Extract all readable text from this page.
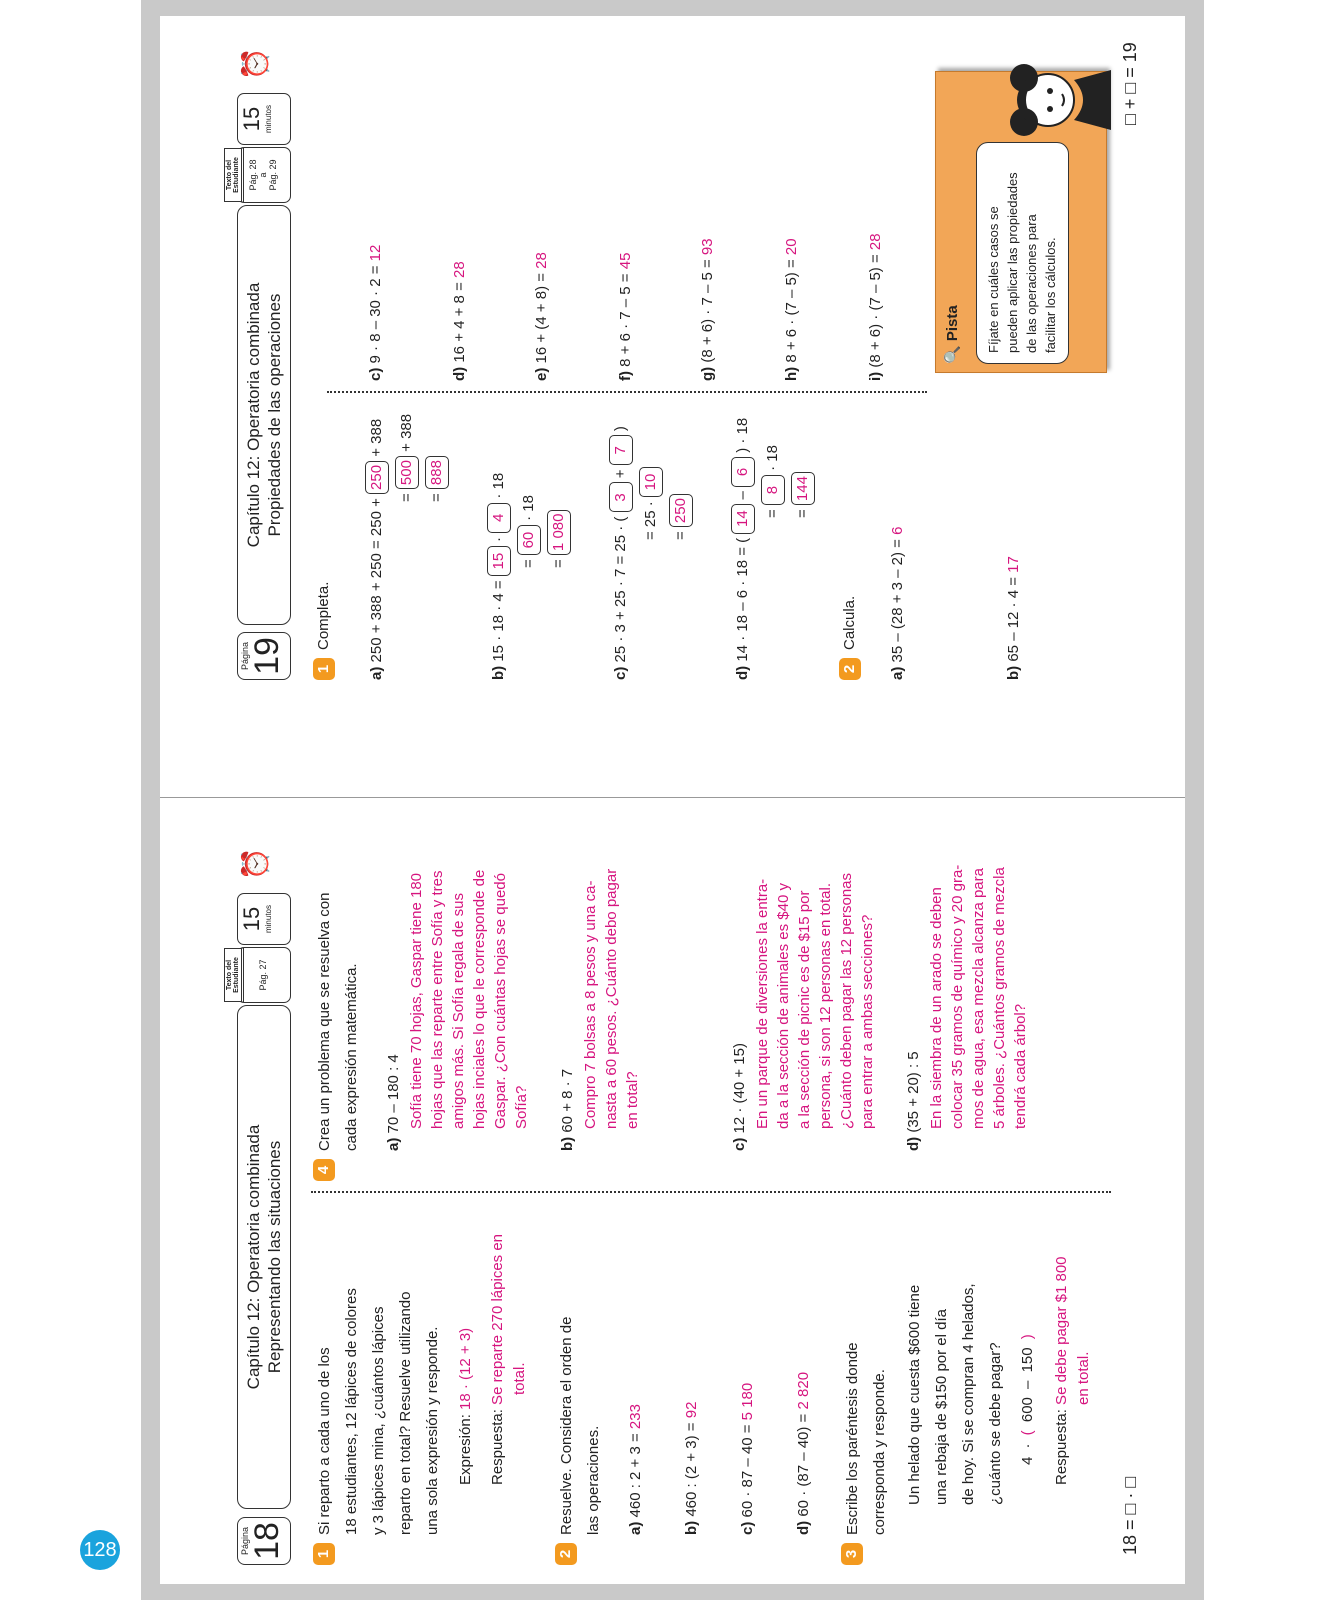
128	Página
18
Capítulo 12: Operatoria combinada Representando las situaciones
Texto del Estudiante	Pág. 27
⏰
15 minutos
1
Si reparto a cada uno de los 18 estudiantes, 12 lápices de colores y 3 lápices mina, ¿cuántos lápices reparto en total? Resuelve utilizando una sola expresión y responde.	Expresión: 18 · (12 + 3)
Respuesta: Se reparte 270 lápices en total.
2
Resuelve. Considera el orden de las operaciones.	a) 460 : 2 + 3 = 233
b) 460 : (2 + 3) = 92
c) 60 · 87 – 40 = 5 180
d) 60 · (87 – 40) = 2 820
3
Escribe los paréntesis donde corresponda y responde.	Un helado que cuesta $600 tiene una rebaja de $150 por el día de hoy. Si se compran 4 helados, ¿cuánto se debe pagar?	4 · ( 600 – 150 )
Respuesta: Se debe pagar $1 800 en total.
18 = □ · □
4
Crea un problema que se resuelva con cada expresión matemática.	a) 70 – 180 : 4 Sofía tiene 70 hojas, Gaspar tiene 180 hojas que las reparte entre Sofía y tres amigos más. Si Sofía regala de sus hojas inciales lo que le corresponde de Gaspar. ¿Con cuántas hojas se quedó Sofía?
b) 60 + 8 · 7 Compro 7 bolsas a 8 pesos y una ca- nasta a 60 pesos. ¿Cuánto debo pagar en total?
c) 12 · (40 + 15) En un parque de diversiones la entra- da a la sección de animales es $40 y a la sección de picnic es de $15 por persona, si son 12 personas en total. ¿Cuánto deben pagar las 12 personas para entrar a ambas secciones?
d) (35 + 20) : 5 En la siembra de un arado se deben colocar 35 gramos de químico y 20 gra- mos de agua, esa mezcla alcanza para 5 árboles. ¿Cuántos gramos de mezcla tendrá cada árbol?
Página
19
Capítulo 12: Operatoria combinada Propiedades de las operaciones
Texto del Estudiante Pág. 28 a Pág. 29
⏰
15 minutos
1
Completa.
a) 250 + 388 + 250 = 250 + 250 + 388
= 500 + 388
= 888
b) 15 · 18 · 4 = 15 · 4 · 18
= 60 · 18
= 1 080
c) 25 · 3 + 25 · 7 = 25 · ( 3 + 7 )
= 25 · 10
= 250
d) 14 · 18 – 6 · 18 = ( 14 – 6 ) · 18
= 8 · 18
= 144
2
Calcula.
a) 35 – (28 + 3 – 2) = 6
b) 65 – 12 · 4 = 17
c) 9 · 8 – 30 · 2 = 12
d) 16 + 4 + 8 = 28
e) 16 + (4 + 8) = 28
f) 8 + 6 · 7 – 5 = 45
g) (8 + 6) · 7 – 5 = 93
h) 8 + 6 · (7 – 5) = 20
i) (8 + 6) · (7 – 5) = 28
🔍 Pista Fíjate en cuáles casos se pueden aplicar las propiedades de las operaciones para facilitar los cálculos.
□ + □ = 19
